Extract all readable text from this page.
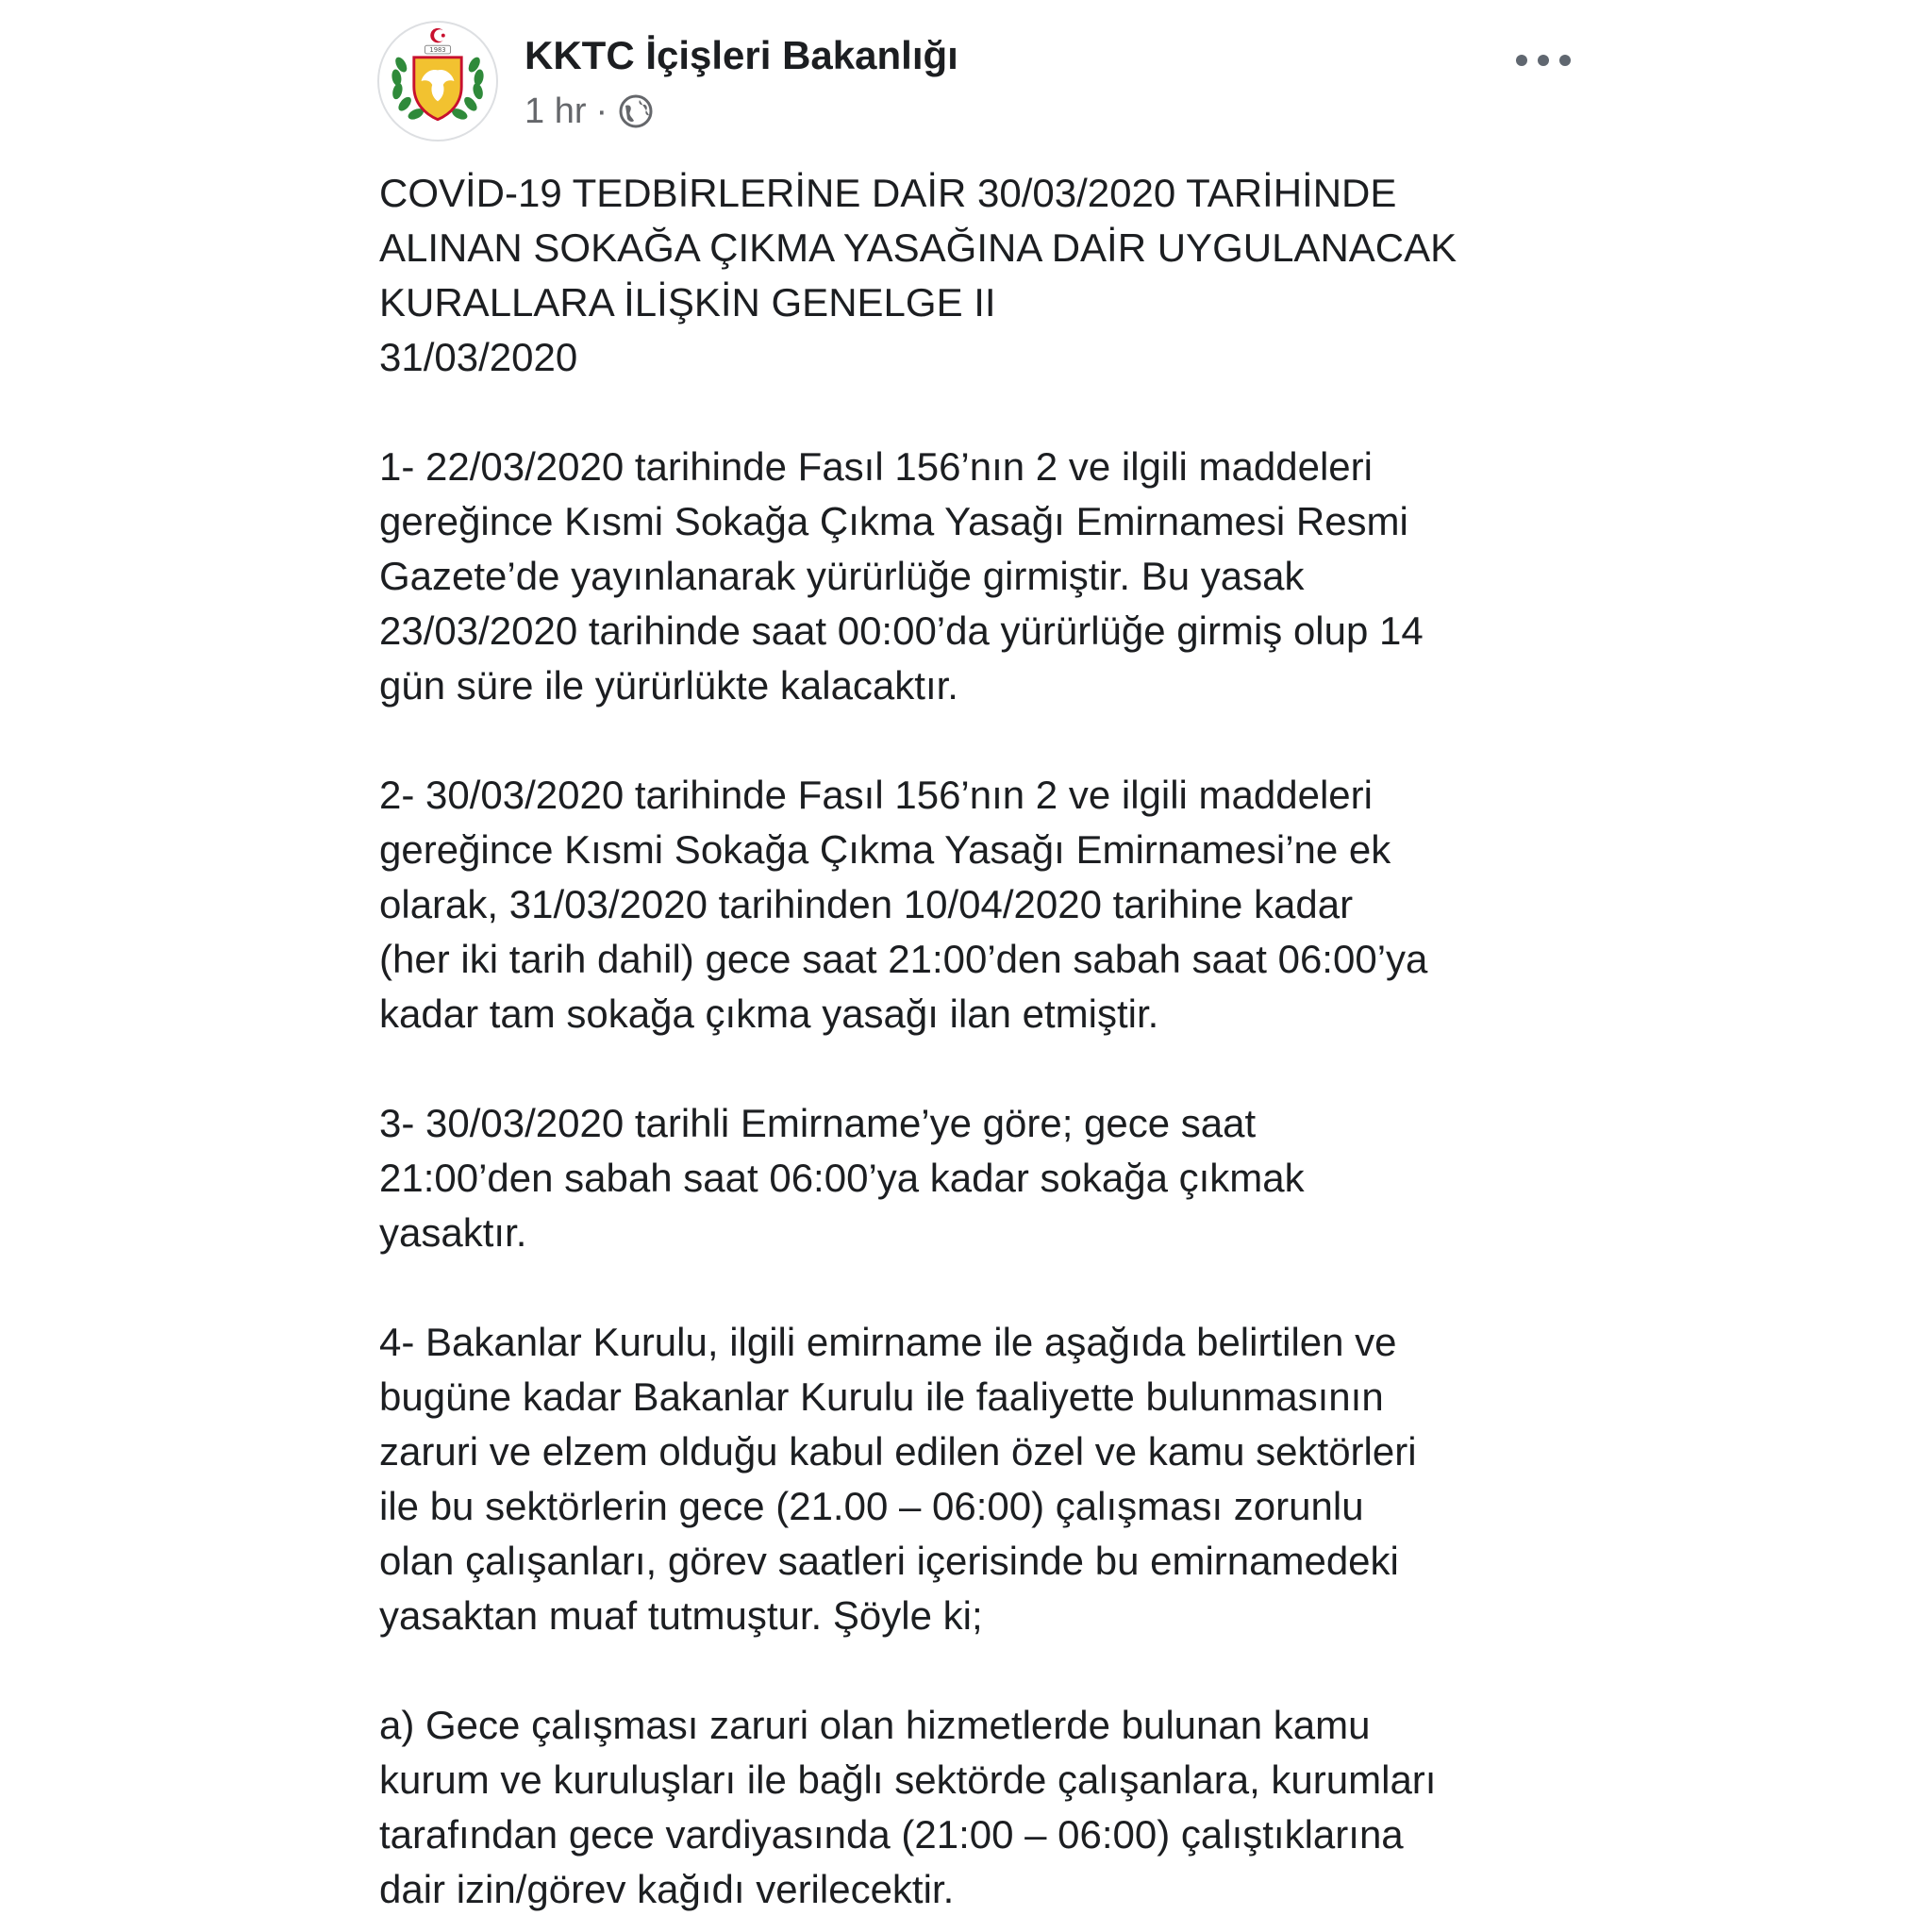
1983 KKTC İçişleri Bakanlığı
1 hr ·
COVİD-19 TEDBİRLERİNE DAİR 30/03/2020 TARİHİNDE
ALINAN SOKAĞA ÇIKMA YASAĞINA DAİR UYGULANACAK
KURALLARA İLİŞKİN GENELGE II
31/03/2020
1- 22/03/2020 tarihinde Fasıl 156’nın 2 ve ilgili maddeleri
gereğince Kısmi Sokağa Çıkma Yasağı Emirnamesi Resmi
Gazete’de yayınlanarak yürürlüğe girmiştir. Bu yasak
23/03/2020 tarihinde saat 00:00’da yürürlüğe girmiş olup 14
gün süre ile yürürlükte kalacaktır.
2- 30/03/2020 tarihinde Fasıl 156’nın 2 ve ilgili maddeleri
gereğince Kısmi Sokağa Çıkma Yasağı Emirnamesi’ne ek
olarak, 31/03/2020 tarihinden 10/04/2020 tarihine kadar
(her iki tarih dahil) gece saat 21:00’den sabah saat 06:00’ya
kadar tam sokağa çıkma yasağı ilan etmiştir.
3- 30/03/2020 tarihli Emirname’ye göre; gece saat
21:00’den sabah saat 06:00’ya kadar sokağa çıkmak
yasaktır.
4- Bakanlar Kurulu, ilgili emirname ile aşağıda belirtilen ve
bugüne kadar Bakanlar Kurulu ile faaliyette bulunmasının
zaruri ve elzem olduğu kabul edilen özel ve kamu sektörleri
ile bu sektörlerin gece (21.00 – 06:00) çalışması zorunlu
olan çalışanları, görev saatleri içerisinde bu emirnamedeki
yasaktan muaf tutmuştur. Şöyle ki;
a) Gece çalışması zaruri olan hizmetlerde bulunan kamu
kurum ve kuruluşları ile bağlı sektörde çalışanlara, kurumları
tarafından gece vardiyasında (21:00 – 06:00) çalıştıklarına
dair izin/görev kağıdı verilecektir.
